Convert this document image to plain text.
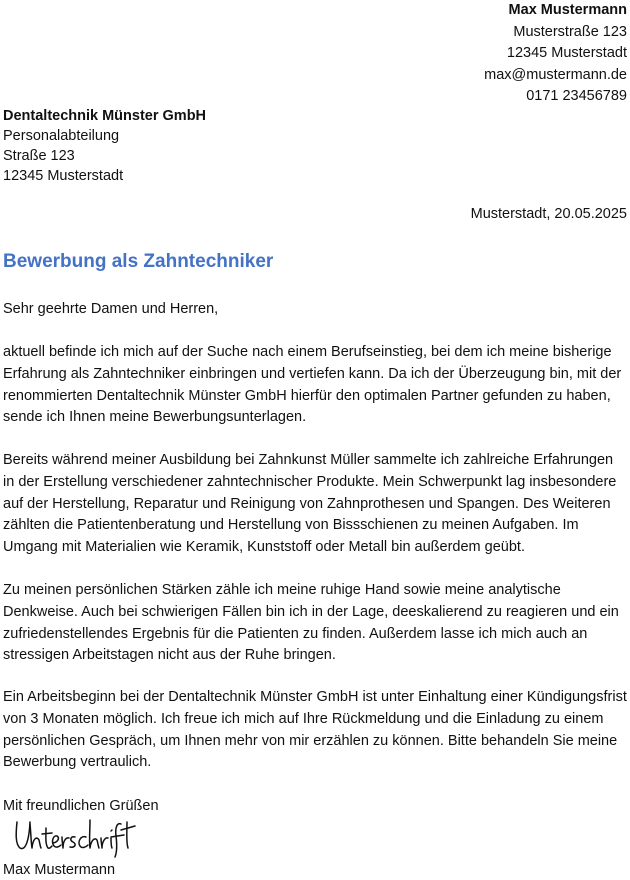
Max Mustermann
Musterstraße 123
12345 Musterstadt
max@mustermann.de
0171 23456789
Dentaltechnik Münster GmbH
Personalabteilung
Straße 123
12345 Musterstadt
Musterstadt, 20.05.2025
Bewerbung als Zahntechniker
Sehr geehrte Damen und Herren,

aktuell befinde ich mich auf der Suche nach einem Berufseinstieg, bei dem ich meine bisherige Erfahrung als Zahntechniker einbringen und vertiefen kann. Da ich der Überzeugung bin, mit der renommierten Dentaltechnik Münster GmbH hierfür den optimalen Partner gefunden zu haben, sende ich Ihnen meine Bewerbungsunterlagen.

Bereits während meiner Ausbildung bei Zahnkunst Müller sammelte ich zahlreiche Erfahrungen in der Erstellung verschiedener zahntechnischer Produkte. Mein Schwerpunkt lag insbesondere auf der Herstellung, Reparatur und Reinigung von Zahnprothesen und Spangen. Des Weiteren zählten die Patientenberatung und Herstellung von Bissschienen zu meinen Aufgaben. Im Umgang mit Materialien wie Keramik, Kunststoff oder Metall bin außerdem geübt.

Zu meinen persönlichen Stärken zähle ich meine ruhige Hand sowie meine analytische Denkweise. Auch bei schwierigen Fällen bin ich in der Lage, deeskalierend zu reagieren und ein zufriedenstellendes Ergebnis für die Patienten zu finden. Außerdem lasse ich mich auch an stressigen Arbeitstagen nicht aus der Ruhe bringen.

Ein Arbeitsbeginn bei der Dentaltechnik Münster GmbH ist unter Einhaltung einer Kündigungsfrist von 3 Monaten möglich. Ich freue ich mich auf Ihre Rückmeldung und die Einladung zu einem persönlichen Gespräch, um Ihnen mehr von mir erzählen zu können. Bitte behandeln Sie meine Bewerbung vertraulich.

Mit freundlichen Grüßen
Max Mustermann
